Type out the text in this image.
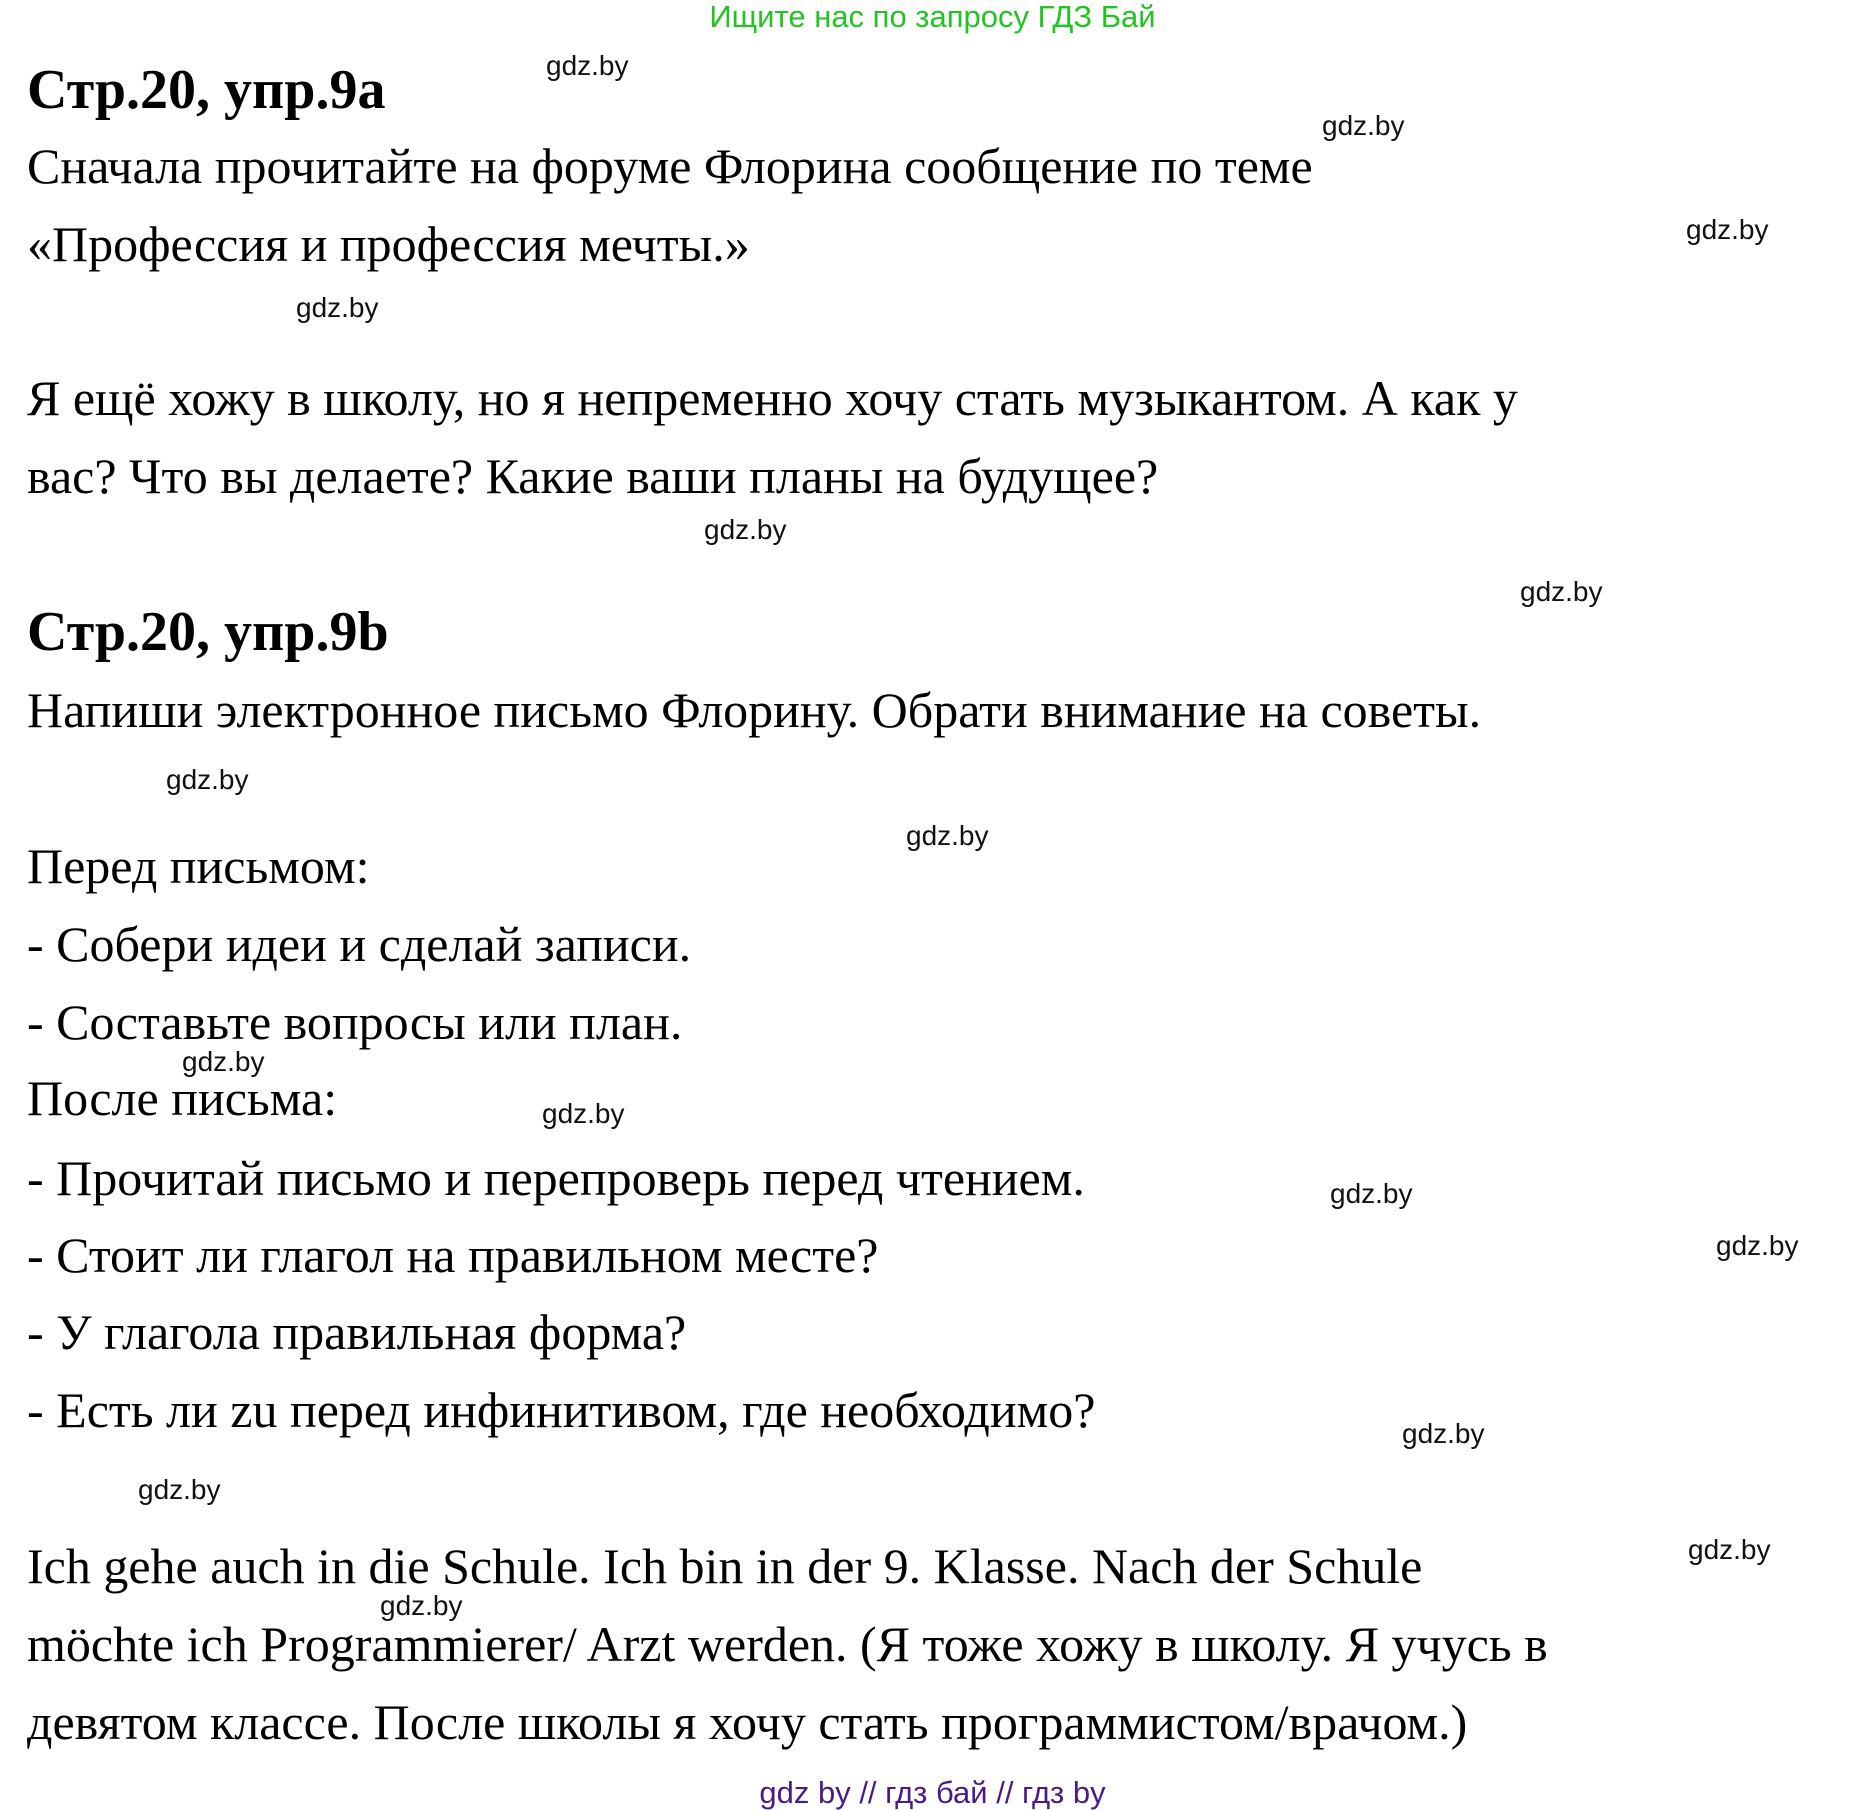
Ищите нас по запросу ГДЗ Бай
Стр.20, упр.9a
Сначала прочитайте на форуме Флорина сообщение по теме
«Профессия и профессия мечты.»
Я ещё хожу в школу, но я непременно хочу стать музыкантом. А как у
вас? Что вы делаете? Какие ваши планы на будущее?
Стр.20, упр.9b
Напиши электронное письмо Флорину. Обрати внимание на советы.
Перед письмом:
- Собери идеи и сделай записи.
- Составьте вопросы или план.
После письма:
- Прочитай письмо и перепроверь перед чтением.
- Стоит ли глагол на правильном месте?
- У глагола правильная форма?
- Есть ли zu перед инфинитивом, где необходимо?
Ich gehe auch in die Schule. Ich bin in der 9. Klasse. Nach der Schule
möchte ich Programmierer/ Arzt werden. (Я тоже хожу в школу. Я учусь в
девятом классе. После школы я хочу стать программистом/врачом.)
gdz.by
gdz.by
gdz.by
gdz.by
gdz.by
gdz.by
gdz.by
gdz.by
gdz.by
gdz.by
gdz.by
gdz.by
gdz.by
gdz.by
gdz.by
gdz.by
gdz by // гдз бай // гдз by
